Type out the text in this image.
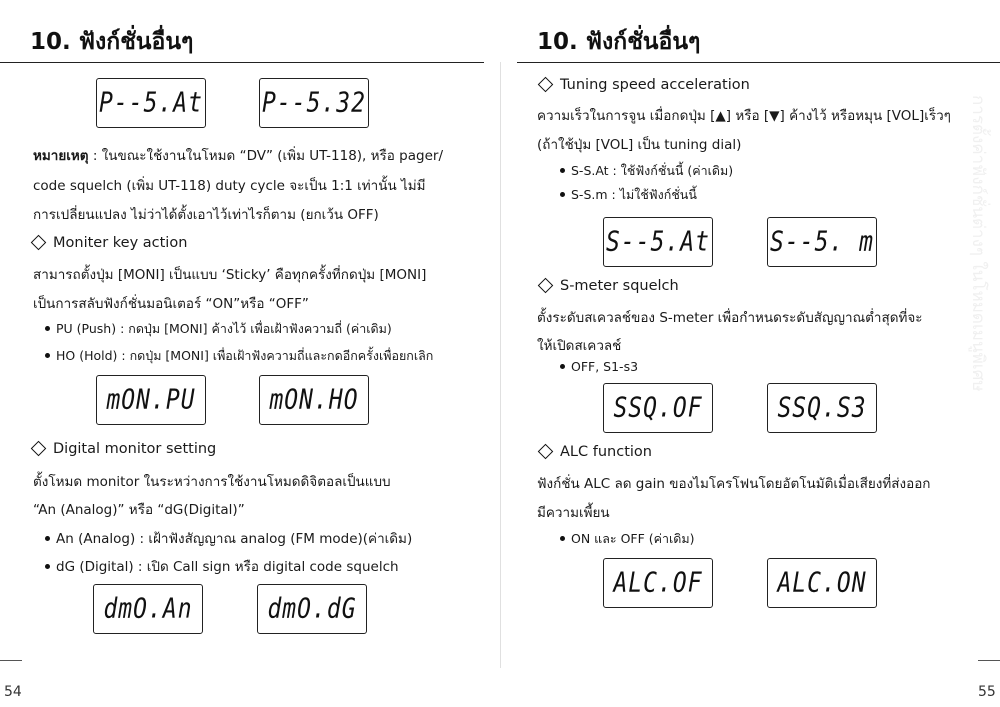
10. ฟังก์ชั่นอื่นๆ
P--5.At	P--5.32
หมายเหตุ : ในขณะใช้งานในโหมด “DV” (เพิ่ม UT-118), หรือ pager/
code squelch (เพิ่ม UT-118) duty cycle จะเป็น 1:1 เท่านั้น ไม่มี
การเปลี่ยนแปลง ไม่ว่าได้ตั้งเอาไว้เท่าไรก็ตาม (ยกเว้น OFF)
Moniter key action
สามารถตั้งปุ่ม [MONI] เป็นแบบ ‘Sticky’ คือทุกครั้งที่กดปุ่ม [MONI]
เป็นการสลับฟังก์ชั่นมอนิเตอร์ “ON”หรือ “OFF”
PU (Push) : กดปุ่ม [MONI] ค้างไว้ เพื่อเฝ้าฟังความถี่ (ค่าเดิม)
HO (Hold) : กดปุ่ม [MONI] เพื่อเฝ้าฟังความถี่และกดอีกครั้งเพื่อยกเลิก
mON.PU	mON.HO
Digital monitor setting
ตั้งโหมด monitor ในระหว่างการใช้งานโหมดดิจิตอลเป็นแบบ
“An (Analog)” หรือ “dG(Digital)”
An (Analog) : เฝ้าฟังสัญญาณ analog (FM mode)(ค่าเดิม)
dG (Digital) : เปิด Call sign หรือ digital code squelch
dmO.An	dmO.dG
54
10. ฟังก์ชั่นอื่นๆ
Tuning speed acceleration
ความเร็วในการจูน เมื่อกดปุ่ม [▲] หรือ [▼] ค้างไว้ หรือหมุน [VOL]เร็วๆ
(ถ้าใช้ปุ่ม [VOL] เป็น tuning dial)
S-S.At : ใช้ฟังก์ชั่นนี้ (ค่าเดิม)
S-S.m : ไม่ใช้ฟังก์ชั่นนี้
S--5.At	S--5. m
S-meter squelch
ตั้งระดับสเควลช์ของ S-meter เพื่อกำหนดระดับสัญญาณต่ำสุดที่จะ
ให้เปิดสเควลช์
OFF, S1-s3
SSQ.OF	SSQ.S3
ALC function
ฟังก์ชั่น ALC ลด gain ของไมโครโฟนโดยอัตโนมัติเมื่อเสียงที่ส่งออก
มีความเพี้ยน
ON และ OFF (ค่าเดิม)
ALC.OF	ALC.ON
การตั้งค่าฟังก์ชั่นต่างๆ ในโหมดเมนูพิเศษ
55
